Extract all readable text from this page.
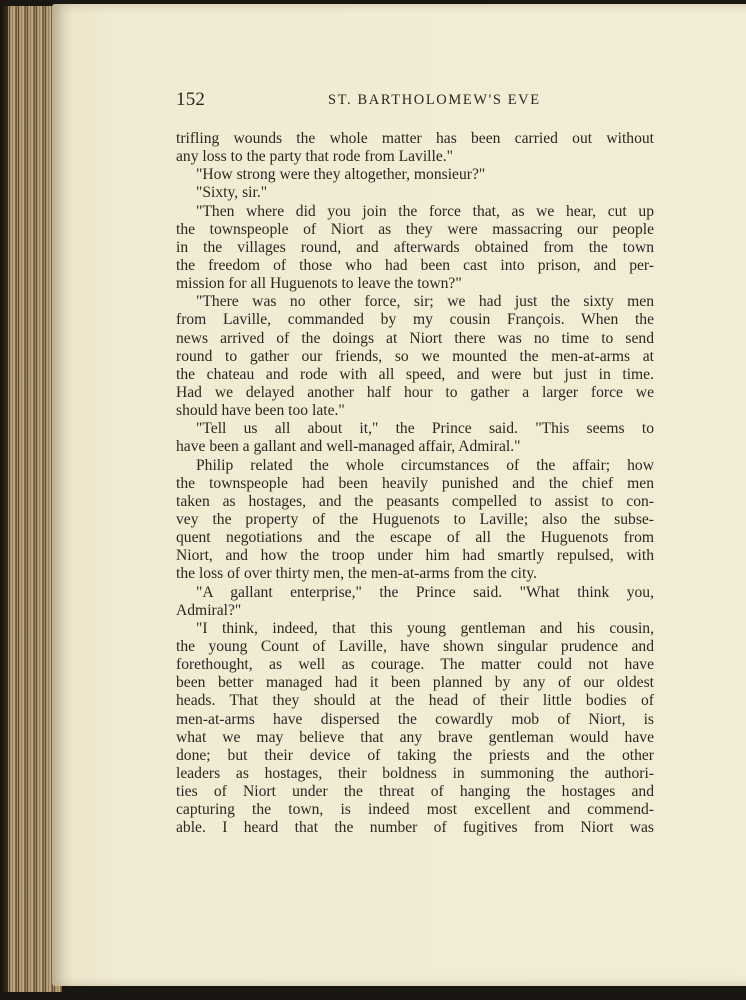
152	ST. BARTHOLOMEW'S EVE
trifling wounds the whole matter has been carried out without
any loss to the party that rode from Laville."
"How strong were they altogether, monsieur?"
"Sixty, sir."
"Then where did you join the force that, as we hear, cut up
the townspeople of Niort as they were massacring our people
in the villages round, and afterwards obtained from the town
the freedom of those who had been cast into prison, and per-
mission for all Huguenots to leave the town?"
"There was no other force, sir; we had just the sixty men
from Laville, commanded by my cousin François. When the
news arrived of the doings at Niort there was no time to send
round to gather our friends, so we mounted the men-at-arms at
the chateau and rode with all speed, and were but just in time.
Had we delayed another half hour to gather a larger force we
should have been too late."
"Tell us all about it," the Prince said. "This seems to
have been a gallant and well-managed affair, Admiral."
Philip related the whole circumstances of the affair; how
the townspeople had been heavily punished and the chief men
taken as hostages, and the peasants compelled to assist to con-
vey the property of the Huguenots to Laville; also the subse-
quent negotiations and the escape of all the Huguenots from
Niort, and how the troop under him had smartly repulsed, with
the loss of over thirty men, the men-at-arms from the city.
"A gallant enterprise," the Prince said. "What think you,
Admiral?"
"I think, indeed, that this young gentleman and his cousin,
the young Count of Laville, have shown singular prudence and
forethought, as well as courage. The matter could not have
been better managed had it been planned by any of our oldest
heads. That they should at the head of their little bodies of
men-at-arms have dispersed the cowardly mob of Niort, is
what we may believe that any brave gentleman would have
done; but their device of taking the priests and the other
leaders as hostages, their boldness in summoning the authori-
ties of Niort under the threat of hanging the hostages and
capturing the town, is indeed most excellent and commend-
able. I heard that the number of fugitives from Niort was
